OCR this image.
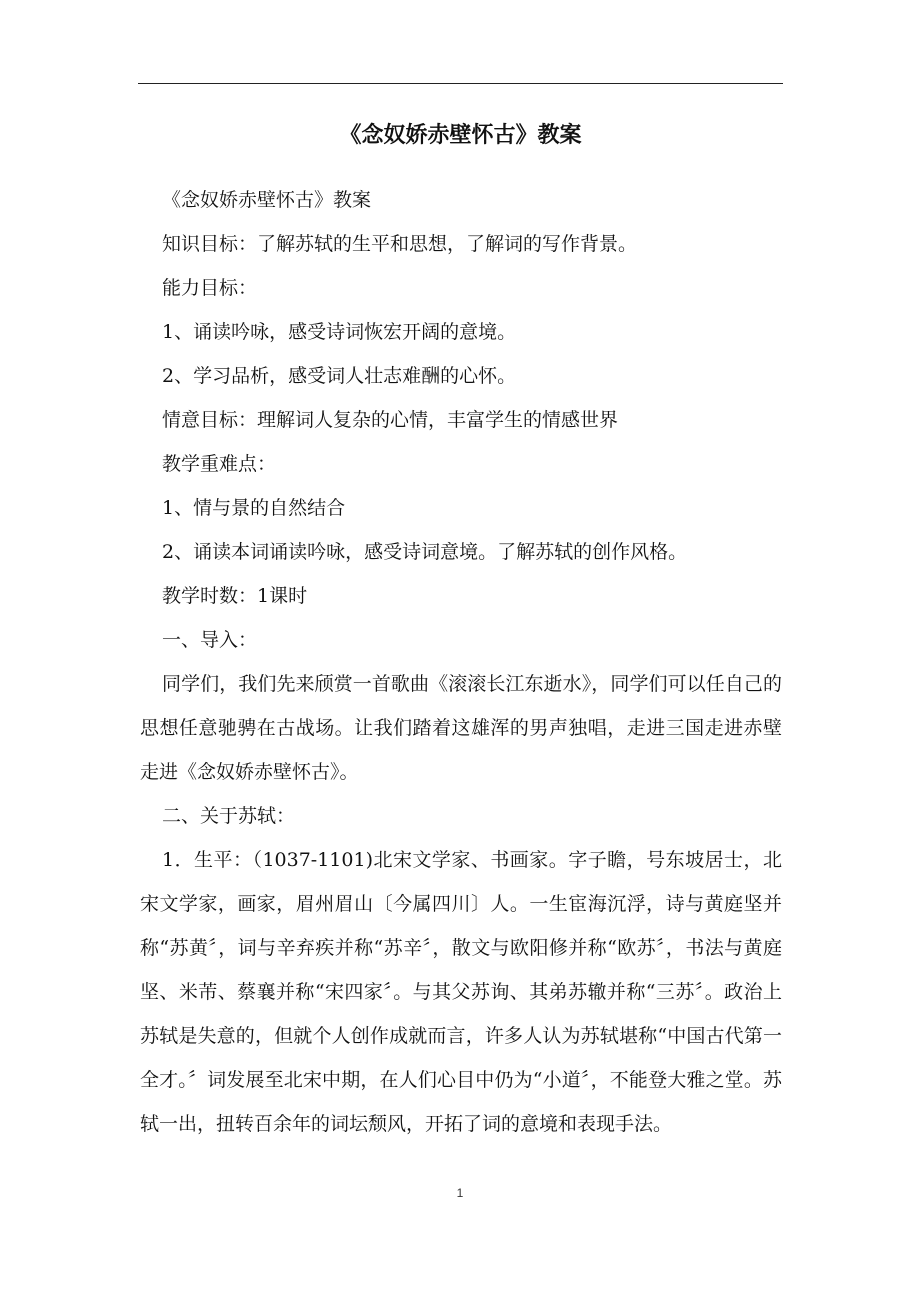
《念奴娇赤壁怀古》教案

《念奴娇赤壁怀古》教案

知识目标：了解苏轼的生平和思想，了解词的写作背景。

能力目标：

1、诵读吟咏，感受诗词恢宏开阔的意境。

2、学习品析，感受词人壮志难酬的心怀。

情意目标：理解词人复杂的心情，丰富学生的情感世界

教学重难点：

1、情与景的自然结合

2、诵读本词诵读吟咏，感受诗词意境。了解苏轼的创作风格。

教学时数：1课时

一、导入：

同学们，我们先来颀赏一首歌曲《滚滚长江东逝水》，同学们可以任自己的思想任意驰骋在古战场。让我们踏着这雄浑的男声独唱，走进三国走进赤壁走进《念奴娇赤壁怀古》。

二、关于苏轼：

1．生平：（1037-1101)北宋文学家、书画家。字子瞻，号东坡居士，北宋文学家，画家，眉州眉山〔今属四川〕人。一生宦海沉浮，诗与黄庭坚并称“苏黄〞，词与辛弃疾并称“苏辛〞，散文与欧阳修并称“欧苏〞，书法与黄庭坚、米芾、蔡襄并称“宋四家〞。与其父苏询、其弟苏辙并称“三苏〞。政治上苏轼是失意的，但就个人创作成就而言，许多人认为苏轼堪称“中国古代第一全才。〞词发展至北宋中期，在人们心目中仍为“小道〞，不能登大雅之堂。苏轼一出，扭转百余年的词坛颓风，开拓了词的意境和表现手法。

1
